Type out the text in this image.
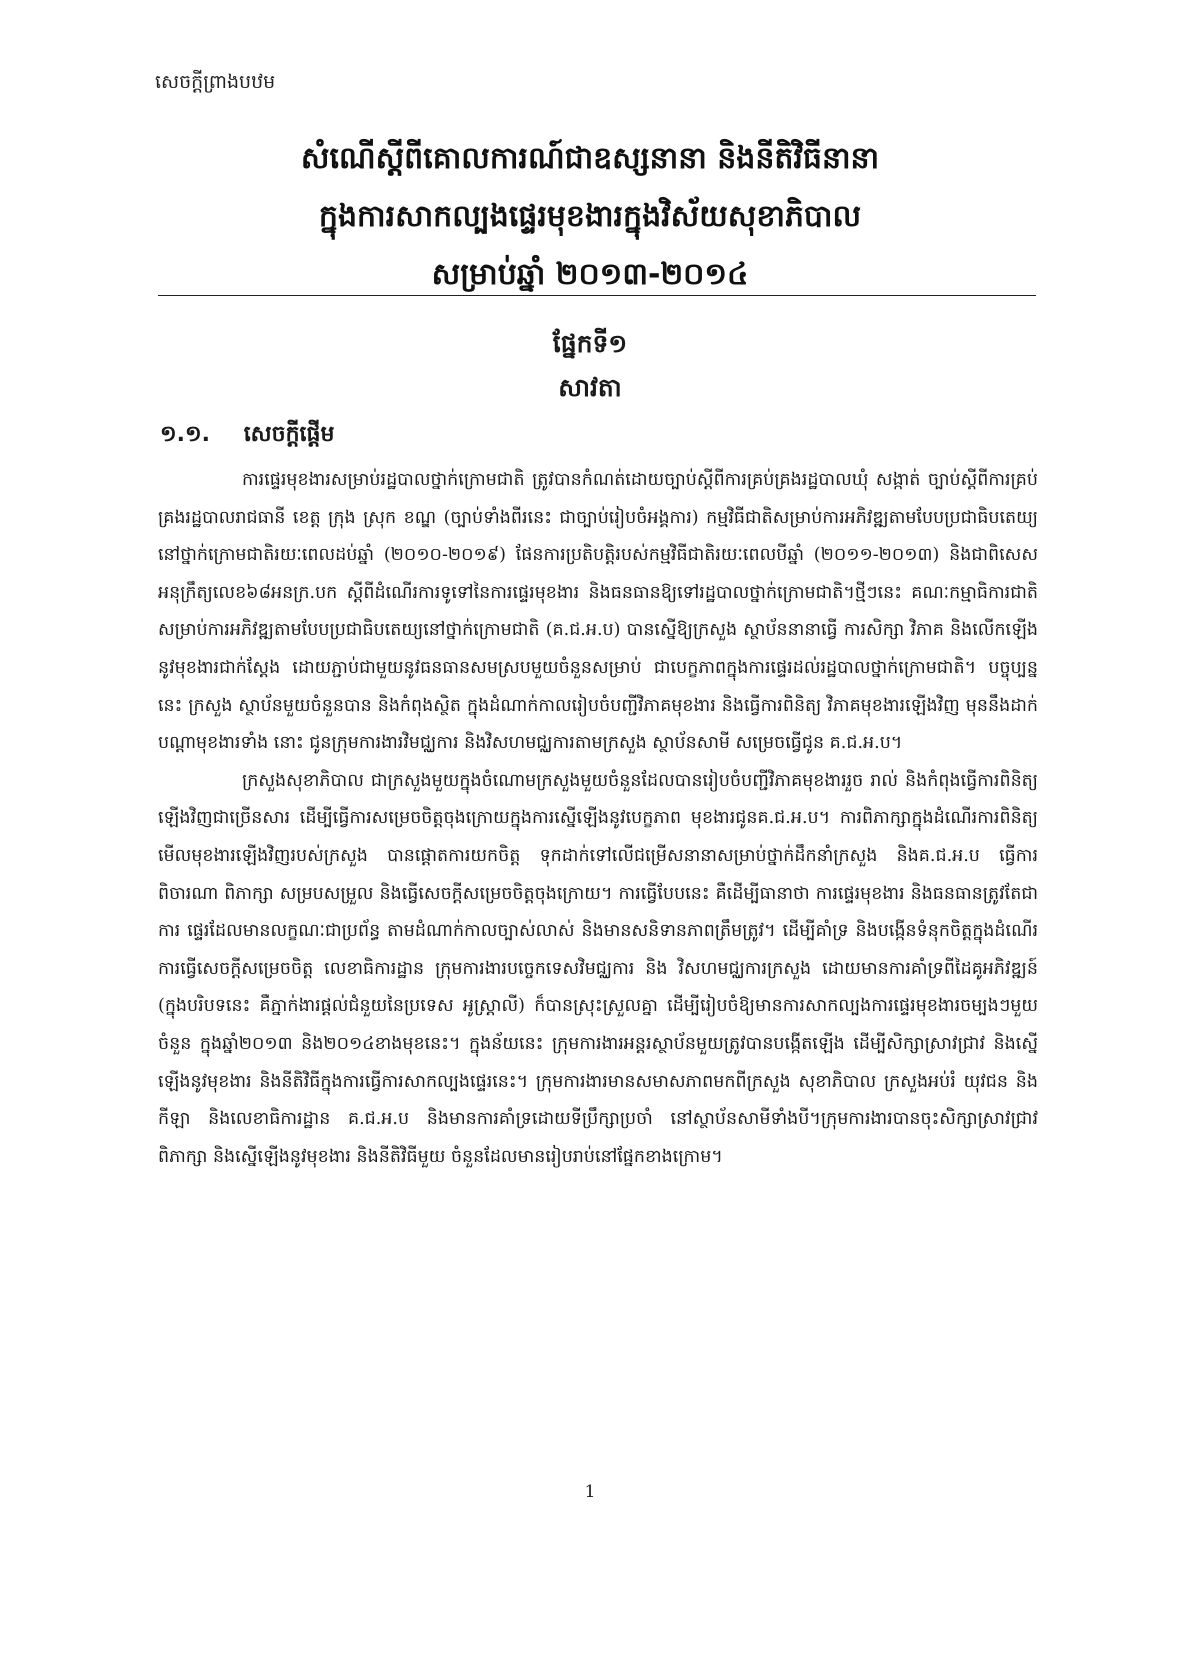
សេចក្ដីព្រាងបឋម
សំណើស្ដីពីគោលការណ៍ជាឧស្សនានា និងនីតិវិធីនានា
ក្នុងការសាកល្បងផ្ទេរមុខងារក្នុងវិស័យសុខាភិបាល
សម្រាប់ឆ្នាំ ២០១៣-២០១៤
ផ្នែកទី១
សាវតា
១.១. សេចក្ដីផ្ដើម

ការផ្ទេរមុខងារសម្រាប់រដ្ឋបាលថ្នាក់ក្រោមជាតិ ត្រូវបានកំណត់ដោយច្បាប់ស្ដីពីការគ្រប់គ្រងរដ្ឋបាលឃុំ សង្កាត់ ច្បាប់ស្ដីពីការគ្រប់គ្រងរដ្ឋបាលរាជធានី ខេត្ត ក្រុង ស្រុក ខណ្ឌ (ច្បាប់ទាំងពីរនេះ ជាច្បាប់រៀបចំអង្គការ) កម្មវិធីជាតិសម្រាប់ការអភិវឌ្ឍតាមបែបប្រជាធិបតេយ្យនៅថ្នាក់ក្រោមជាតិរយៈពេលដប់ឆ្នាំ (២០១០-២០១៩) ផែនការប្រតិបត្តិរបស់កម្មវិធីជាតិរយៈពេលបីឆ្នាំ (២០១១-២០១៣) និងជាពិសេសអនុក្រឹត្យលេខ៦៨អនក្រ.បក ស្ដីពីដំណើរការទូទៅនៃការផ្ទេរមុខងារ និងធនធានឱ្យទៅរដ្ឋបាលថ្នាក់ក្រោមជាតិ។ថ្មីៗនេះ គណៈកម្មាធិការជាតិ សម្រាប់ការអភិវឌ្ឍតាមបែបប្រជាធិបតេយ្យនៅថ្នាក់ក្រោមជាតិ (គ.ជ.អ.ប) បានស្នើឱ្យក្រសួង ស្ថាប័ននានាធ្វើ ការសិក្សា វិភាគ និងលើកឡើងនូវមុខងារជាក់ស្ដែង ដោយភ្ជាប់ជាមួយនូវធនធានសមស្របមួយចំនួនសម្រាប់ ជាបេក្ខភាពក្នុងការផ្ទេរដល់រដ្ឋបាលថ្នាក់ក្រោមជាតិ។ បច្ចុប្បន្ននេះ ក្រសួង ស្ថាប័នមួយចំនួនបាន និងកំពុងស្ថិត ក្នុងដំណាក់កាលរៀបចំបញ្ជីវិភាគមុខងារ និងធ្វើការពិនិត្យ វិភាគមុខងារឡើងវិញ មុននឹងដាក់បណ្ដាមុខងារទាំង នោះ ជូនក្រុមការងារវិមជ្ឈការ និងវិសហមជ្ឈការតាមក្រសួង ស្ថាប័នសាមី សម្រេចធ្វើជូន គ.ជ.អ.ប។

ក្រសួងសុខាភិបាល ជាក្រសួងមួយក្នុងចំណោមក្រសួងមួយចំនួនដែលបានរៀបចំបញ្ជីវិភាគមុខងាររួច រាល់ និងកំពុងធ្វើការពិនិត្យឡើងវិញជាច្រើនសារ ដើម្បីធ្វើការសម្រេចចិត្តចុងក្រោយក្នុងការស្នើឡើងនូវបេក្ខភាព មុខងារជូនគ.ជ.អ.ប។ ការពិភាក្សាក្នុងដំណើរការពិនិត្យមើលមុខងារឡើងវិញរបស់ក្រសួង បានផ្ដោតការយកចិត្ត ទុកដាក់ទៅលើជម្រើសនានាសម្រាប់ថ្នាក់ដឹកនាំក្រសួង និងគ.ជ.អ.ប ធ្វើការពិចារណា ពិភាក្សា សម្របសម្រួល និងធ្វើសេចក្ដីសម្រេចចិត្តចុងក្រោយ។ ការធ្វើបែបនេះ គឺដើម្បីធានាថា ការផ្ទេរមុខងារ និងធនធានត្រូវតែជាការ ផ្ទេរដែលមានលក្ខណៈជាប្រព័ន្ធ តាមដំណាក់កាលច្បាស់លាស់ និងមានសនិទានភាពត្រឹមត្រូវ។ ដើម្បីគាំទ្រ និងបង្កើនទំនុកចិត្តក្នុងដំណើរការធ្វើសេចក្ដីសម្រេចចិត្ត លេខាធិការដ្ឋាន ក្រុមការងារបច្ចេកទេសវិមជ្ឈការ និង វិសហមជ្ឈការក្រសួង ដោយមានការគាំទ្រពីដៃគូអភិវឌ្ឍន៍ (ក្នុងបរិបទនេះ គឺភ្នាក់ងារផ្ដល់ជំនួយនៃប្រទេស អូស្ត្រាលី) ក៏បានស្រុះស្រួលគ្នា ដើម្បីរៀបចំឱ្យមានការសាកល្បងការផ្ទេរមុខងារចម្បងៗមួយចំនួន ក្នុងឆ្នាំ២០១៣ និង២០១៤ខាងមុខនេះ។ ក្នុងន័យនេះ ក្រុមការងារអន្តរស្ថាប័នមួយត្រូវបានបង្កើតឡើង ដើម្បីសិក្សាស្រាវជ្រាវ និងស្នើឡើងនូវមុខងារ និងនីតិវិធីក្នុងការធ្វើការសាកល្បងផ្ទេរនេះ។ ក្រុមការងារមានសមាសភាពមកពីក្រសួង សុខាភិបាល ក្រសួងអប់រំ យុវជន និងកីឡា និងលេខាធិការដ្ឋាន គ.ជ.អ.ប និងមានការគាំទ្រដោយទីប្រឹក្សាប្រចាំ នៅស្ថាប័នសាមីទាំងបី។ក្រុមការងារបានចុះសិក្សាស្រាវជ្រាវ ពិភាក្សា និងស្នើឡើងនូវមុខងារ និងនីតិវិធីមួយ ចំនួនដែលមានរៀបរាប់នៅផ្នែកខាងក្រោម។

1
